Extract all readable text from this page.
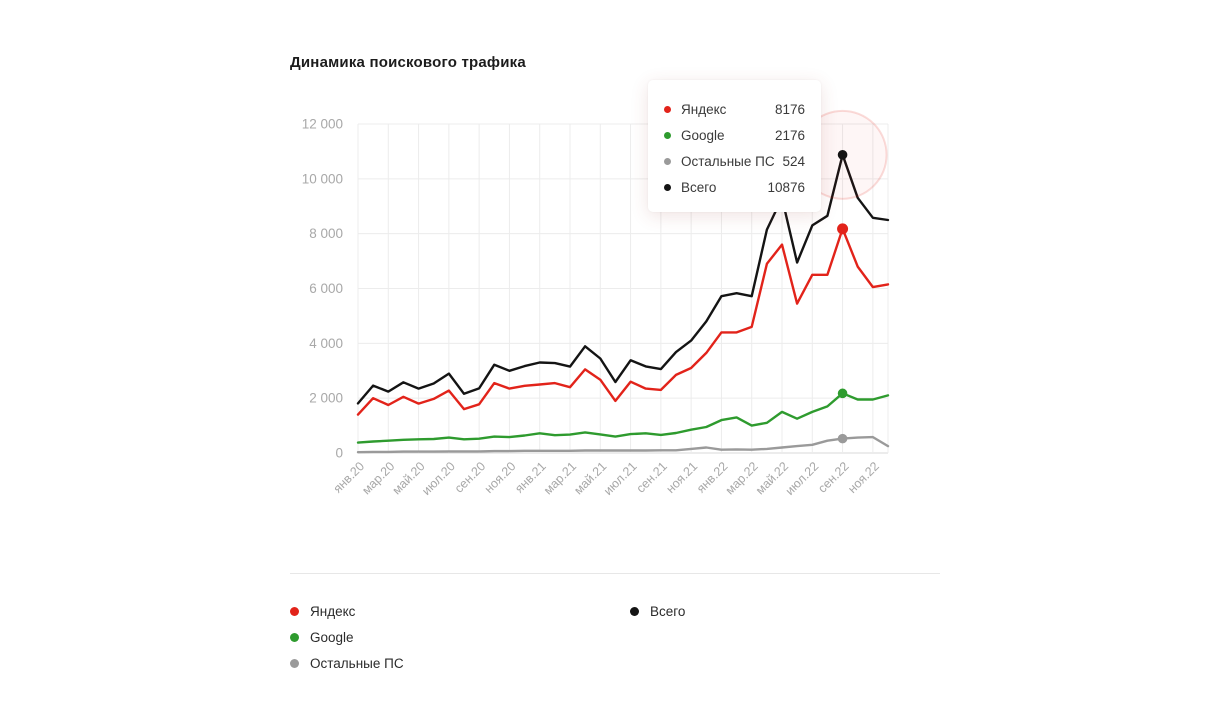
Динамика поискового трафика
0
2 000
4 000
6 000
8 000
10 000
12 000
янв.20
мар.20
май.20
июл.20
сен.20
ноя.20
янв.21
мар.21
май.21
июл.21
сен.21
ноя.21
янв.22
мар.22
май.22
июл.22
сен.22
ноя.22
Яндекс	8176
Google	2176
Остальные ПС 524
Всего	10876
Яндекс
Google
Остальные ПС
Всего
